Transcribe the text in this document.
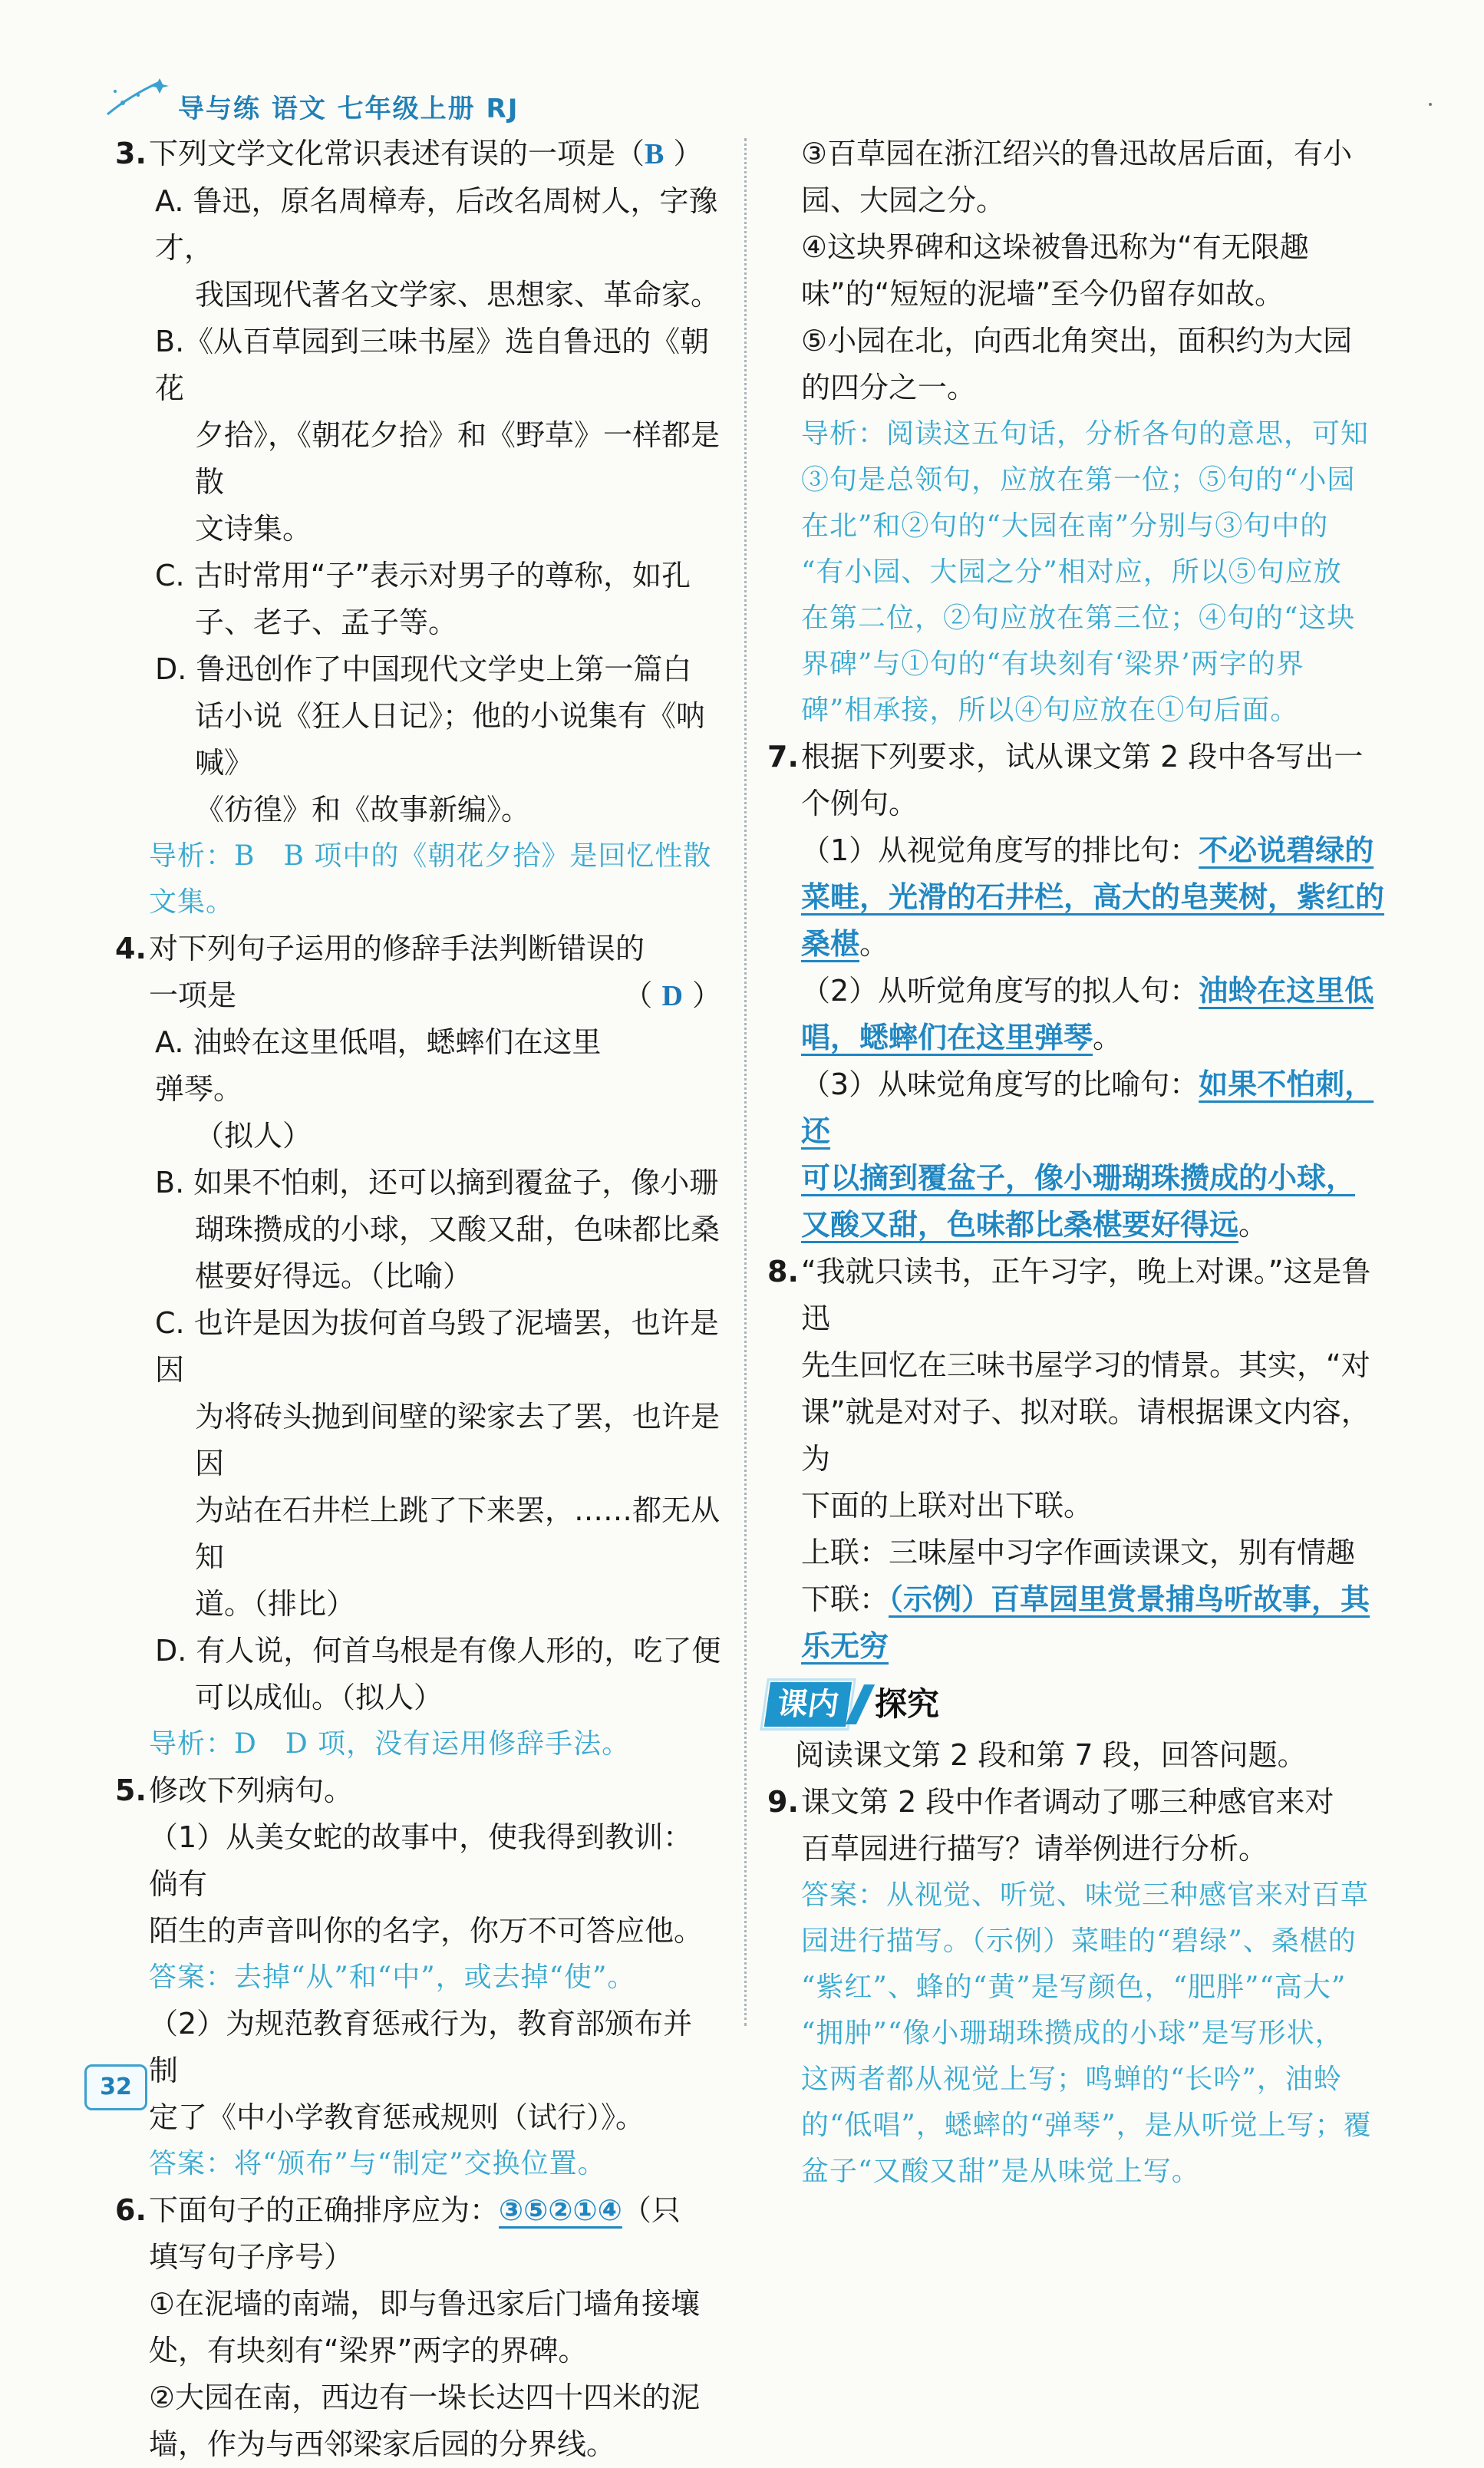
导与练 语文 七年级上册 RJ
3. 下列文学文化常识表述有误的一项是（B ）
A. 鲁迅，原名周樟寿，后改名周树人，字豫才，
我国现代著名文学家、思想家、革命家。
B.《从百草园到三味书屋》选自鲁迅的《朝花
夕拾》，《朝花夕拾》和《野草》一样都是散
文诗集。
C. 古时常用“子”表示对男子的尊称，如孔
子、老子、孟子等。
D. 鲁迅创作了中国现代文学史上第一篇白
话小说《狂人日记》；他的小说集有《呐喊》
《彷徨》和《故事新编》。
导析：B　B 项中的《朝花夕拾》是回忆性散
文集。
4. 对下列句子运用的修辞手法判断错误的
一项是	（ D ）
A. 油蛉在这里低唱，蟋蟀们在这里弹琴。
（拟人）
B. 如果不怕刺，还可以摘到覆盆子，像小珊
瑚珠攒成的小球，又酸又甜，色味都比桑
椹要好得远。（比喻）
C. 也许是因为拔何首乌毁了泥墙罢，也许是因
为将砖头抛到间壁的梁家去了罢，也许是因
为站在石井栏上跳了下来罢，……都无从知
道。（排比）
D. 有人说，何首乌根是有像人形的，吃了便
可以成仙。（拟人）
导析：D　D 项，没有运用修辞手法。
5. 修改下列病句。
（1）从美女蛇的故事中，使我得到教训：倘有
陌生的声音叫你的名字，你万不可答应他。
答案：去掉“从”和“中”，或去掉“使”。
（2）为规范教育惩戒行为，教育部颁布并制
定了《中小学教育惩戒规则（试行）》。
答案：将“颁布”与“制定”交换位置。
6. 下面句子的正确排序应为：③⑤②①④（只
填写句子序号）
①在泥墙的南端，即与鲁迅家后门墙角接壤
处，有块刻有“梁界”两字的界碑。
②大园在南，西边有一垛长达四十四米的泥
墙，作为与西邻梁家后园的分界线。
③百草园在浙江绍兴的鲁迅故居后面，有小
园、大园之分。
④这块界碑和这垛被鲁迅称为“有无限趣
味”的“短短的泥墙”至今仍留存如故。
⑤小园在北，向西北角突出，面积约为大园
的四分之一。
导析：阅读这五句话，分析各句的意思，可知
③句是总领句，应放在第一位；⑤句的“小园
在北”和②句的“大园在南”分别与③句中的
“有小园、大园之分”相对应，所以⑤句应放
在第二位，②句应放在第三位；④句的“这块
界碑”与①句的“有块刻有‘梁界’两字的界
碑”相承接，所以④句应放在①句后面。
7. 根据下列要求，试从课文第 2 段中各写出一
个例句。
（1）从视觉角度写的排比句：不必说碧绿的
菜畦，光滑的石井栏，高大的皂荚树，紫红的
桑椹。
（2）从听觉角度写的拟人句：油蛉在这里低
唱，蟋蟀们在这里弹琴。
（3）从味觉角度写的比喻句：如果不怕刺，还
可以摘到覆盆子，像小珊瑚珠攒成的小球，
又酸又甜，色味都比桑椹要好得远。
8. “我就只读书，正午习字，晚上对课。”这是鲁迅
先生回忆在三味书屋学习的情景。其实，“对
课”就是对对子、拟对联。请根据课文内容，为
下面的上联对出下联。
上联：三味屋中习字作画读课文，别有情趣
下联：（示例）百草园里赏景捕鸟听故事，其
乐无穷
课内	探究
阅读课文第 2 段和第 7 段，回答问题。
9. 课文第 2 段中作者调动了哪三种感官来对
百草园进行描写？请举例进行分析。
答案：从视觉、听觉、味觉三种感官来对百草
园进行描写。（示例）菜畦的“碧绿”、桑椹的
“紫红”、蜂的“黄”是写颜色，“肥胖”“高大”
“拥肿”“像小珊瑚珠攒成的小球”是写形状，
这两者都从视觉上写；鸣蝉的“长吟”，油蛉
的“低唱”，蟋蟀的“弹琴”，是从听觉上写；覆
盆子“又酸又甜”是从味觉上写。
32
